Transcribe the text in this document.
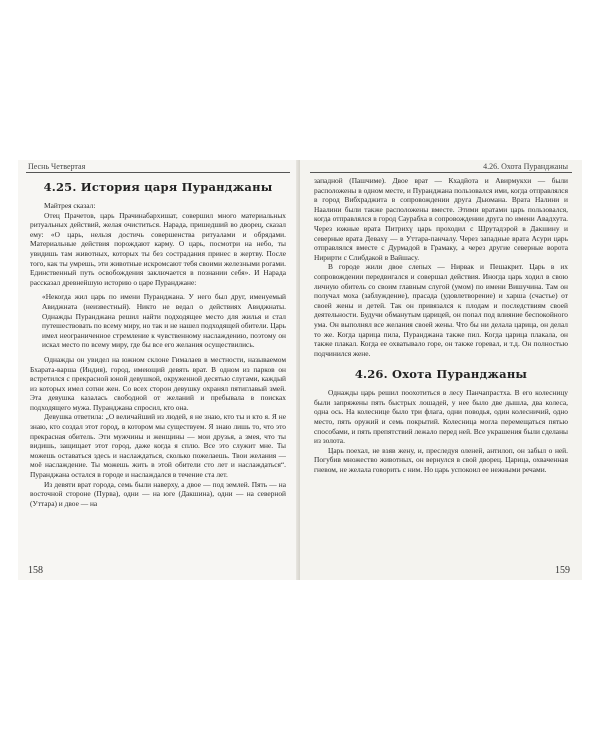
Песнь Четвертая
4.25. История царя Пуранджаны

Майтрея сказал:

Отец Прачетов, царь Прачинабархишат, совершил много материальных ритуальных действий, желая очиститься. Нарада, пришедший во дворец, сказал ему: «О царь, нельзя достичь совершенства ритуалами и обрядами. Материальные действия порождают карму. О царь, посмотри на небо, ты увидишь там животных, которых ты без сострадания принес в жертву. После того, как ты умрешь, эти животные искромсают тебя своими железными рогами. Единственный путь освобождения заключается в познании себя». И Нарада рассказал древнейшую историю о царе Пуранджане:

«Некогда жил царь по имени Пуранджана. У него был друг, именуемый Авиджната (неизвестный). Никто не ведал о действиях Авиджнаты. Однажды Пуранджана решил найти подходящее место для жилья и стал путешествовать по всему миру, но так и не нашел подходящей обители. Царь имел неограниченное стремление к чувственному наслаждению, поэтому он искал место по всему миру, где бы все его желания осуществились.

Однажды он увидел на южном склоне Гималаев в местности, называемом Бхарата-варша (Индия), город, имеющий девять врат. В одном из парков он встретился с прекрасной юной девушкой, окруженной десятью слугами, каждый из которых имел сотни жен. Со всех сторон девушку охранял пятиглавый змей. Эта девушка казалась свободной от желаний и пребывала в поисках подходящего мужа. Пуранджана спросил, кто она.

Девушка ответила: „О величайший из людей, я не знаю, кто ты и кто я. Я не знаю, кто создал этот город, в котором мы существуем. Я знаю лишь то, что это прекрасная обитель. Эти мужчины и женщины — мои друзья, а змея, что ты видишь, защищает этот город, даже когда я сплю. Все это служит мне. Ты можешь оставаться здесь и наслаждаться, сколько пожелаешь. Твои желания — моё наслаждение. Ты можешь жить в этой обители сто лет и наслаждаться“. Пуранджана остался в городе и наслаждался в течение ста лет.

Из девяти врат города, семь были наверху, а двое — под землей. Пять — на восточной стороне (Пурва), одни — на юге (Дакшина), одни — на северной (Уттара) и двое — на

158
4.26. Охота Пуранджаны

западной (Пашчиме). Двое врат — Кхадйота и Авирмукхи — были расположены в одном месте, и Пуранджана пользовался ими, когда отправлялся в город Вибхраджита в сопровождении друга Дьюмана. Врата Налини и Наалини были также расположены вместе. Этими вратами царь пользовался, когда отправлялся в город Саурабха в сопровождении друга по имени Авадхута. Через южные врата Питрихү царь проходил с Шрутадэрой в Дакшину и северные врата Девахү — в Уттара-панчалу. Через западные врата Асури царь отправлялся вместе с Дурмадой в Грамаку, а через другие северные ворота Нирирти с Слибдакой в Вайшасу.

В городе жили двое слепых — Нирвак и Пешакрит. Царь в их сопровождении передвигался и совершал действия. Иногда царь ходил в свою личную обитель со своим главным слугой (умом) по имени Вишучина. Там он получал моха (заблуждение), прасада (удовлетворение) и харша (счастье) от своей жены и детей. Так он привязался к плодам и последствиям своей деятельности. Будучи обманутым царицей, он попал под влияние беспокойного ума. Он выполнял все желания своей жены. Что бы ни делала царица, он делал то же. Когда царица пила, Пуранджана также пил. Когда царица плакала, он также плакал. Когда ее охватывало горе, он также горевал, и т.д. Он полностью подчинился жене.

4.26. Охота Пуранджаны

Однажды царь решил поохотиться в лесу Панчапрастха. В его колесницу были запряжены пять быстрых лошадей, у нее было две дышла, два колеса, одна ось. На колеснице было три флага, одни поводья, один колесничий, одно место, пять оружий и семь покрытий. Колесница могла перемещаться пятью способами, и пять препятствий лежало перед ней. Все украшения были сделаны из золота.

Царь поехал, не взяв жену, и, преследуя оленей, антилоп, он забыл о ней. Погубив множество животных, он вернулся в свой дворец. Царица, охваченная гневом, не желала говорить с ним. Но царь успокоил ее нежными речами.

159
